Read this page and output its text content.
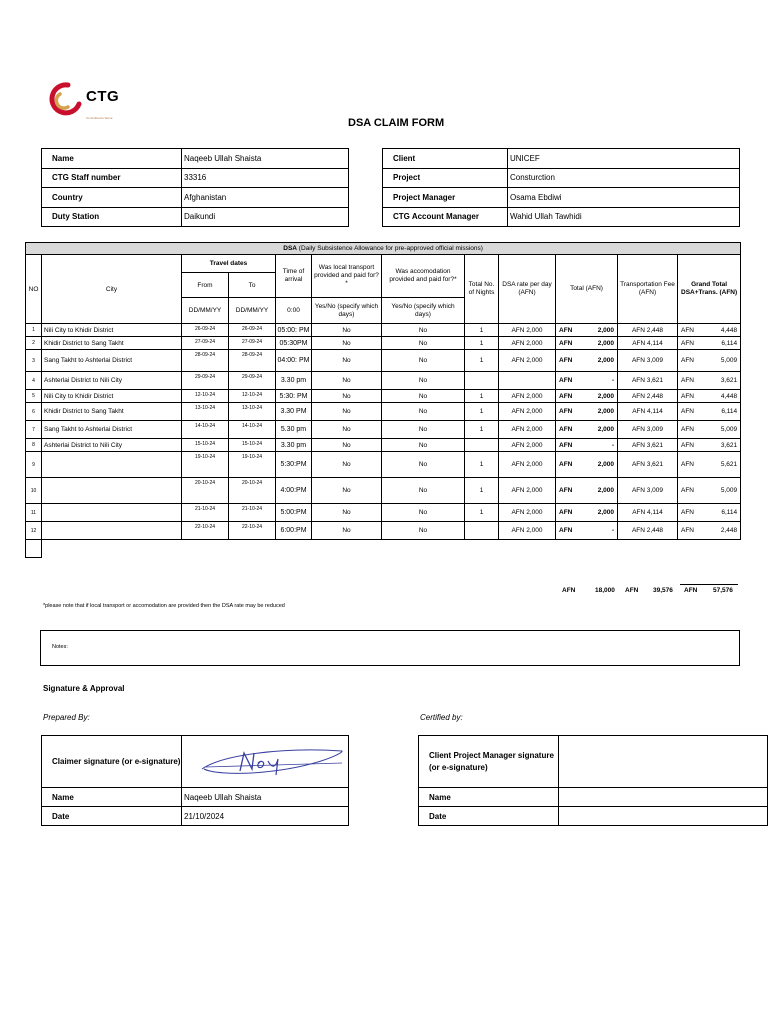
CTG
Committed to Serve	DSA CLAIM FORM
Name	Naqeeb Ullah Shaista
CTG Staff number	33316
Country	Afghanistan
Duty Station	Daikundi
Client	UNICEF
Project	Consturction
Project Manager	Osama Ebdiwi
CTG Account Manager	Wahid Ullah Tawhidi
DSA (Daily Subsistence Allowance for pre-approved official missions)											
NO	City	Travel dates		Time of arrival	Was local transport provided and paid for?*	Was accomodation provided and paid for?*	Total No. of Nights	DSA rate per day (AFN)	Total (AFN)	Transportation Fee (AFN)	Grand Total DSA+Trans. (AFN)
		From	To								
		DD/MM/YY	DD/MM/YY	0:00	Yes/No (specify which days)	Yes/No (specify which days)					
1	Nili City to Khidir District	26-09-24	26-09-24	05:00: PM	No	No	1	AFN 2,000	AFN 2,000	AFN 2,448	AFN 4,448

2	Khidir District to Sang Takht	27-09-24	27-09-24	05:30PM	No	No	1	AFN 2,000	AFN 2,000	AFN 4,114	AFN 6,114

3	Sang Takht to Ashterlai District	28-09-24	28-09-24	04:00: PM	No	No	1	AFN 2,000	AFN 2,000	AFN 3,009	AFN 5,009

4	Ashterlai District to Nili City	29-09-24	29-09-24	3.30 pm	No	No			AFN -	AFN 3,621	AFN 3,621

5	Nili City to Khidir District	12-10-24	12-10-24	5:30: PM	No	No	1	AFN 2,000	AFN 2,000	AFN 2,448	AFN 4,448

6	Khidir District to Sang Takht	13-10-24	13-10-24	3.30 PM	No	No	1	AFN 2,000	AFN 2,000	AFN 4,114	AFN 6,114

7	Sang Takht to Ashterlai District	14-10-24	14-10-24	5.30 pm	No	No	1	AFN 2,000	AFN 2,000	AFN 3,009	AFN 5,009

8	Ashterlai District to Nili City	15-10-24	15-10-24	3.30 pm	No	No		AFN 2,000	AFN -	AFN 3,621	AFN 3,621

9		19-10-24	19-10-24	5:30:PM	No	No	1	AFN 2,000	AFN 2,000	AFN 3,621	AFN 5,621

10		20-10-24	20-10-24	4:00:PM	No	No	1	AFN 2,000	AFN 2,000	AFN 3,009	AFN 5,009

11		21-10-24	21-10-24	5:00:PM	No	No	1	AFN 2,000	AFN 2,000	AFN 4,114	AFN 6,114

12		22-10-24	22-10-24	6:00:PM	No	No		AFN 2,000	AFN -	AFN 2,448	AFN 2,448

AFN	18,000 AFN 39,576 AFN 57,576
*please note that if local transport or accomodation are provided then the DSA rate may be reduced
Notes:
Signature & Approval
Prepared By:	Certified by:
Claimer signature (or e-signature)	
Name	Naqeeb Ullah Shaista
Date	21/10/2024
Client Project Manager signature (or e-signature)	
Name	
Date	
